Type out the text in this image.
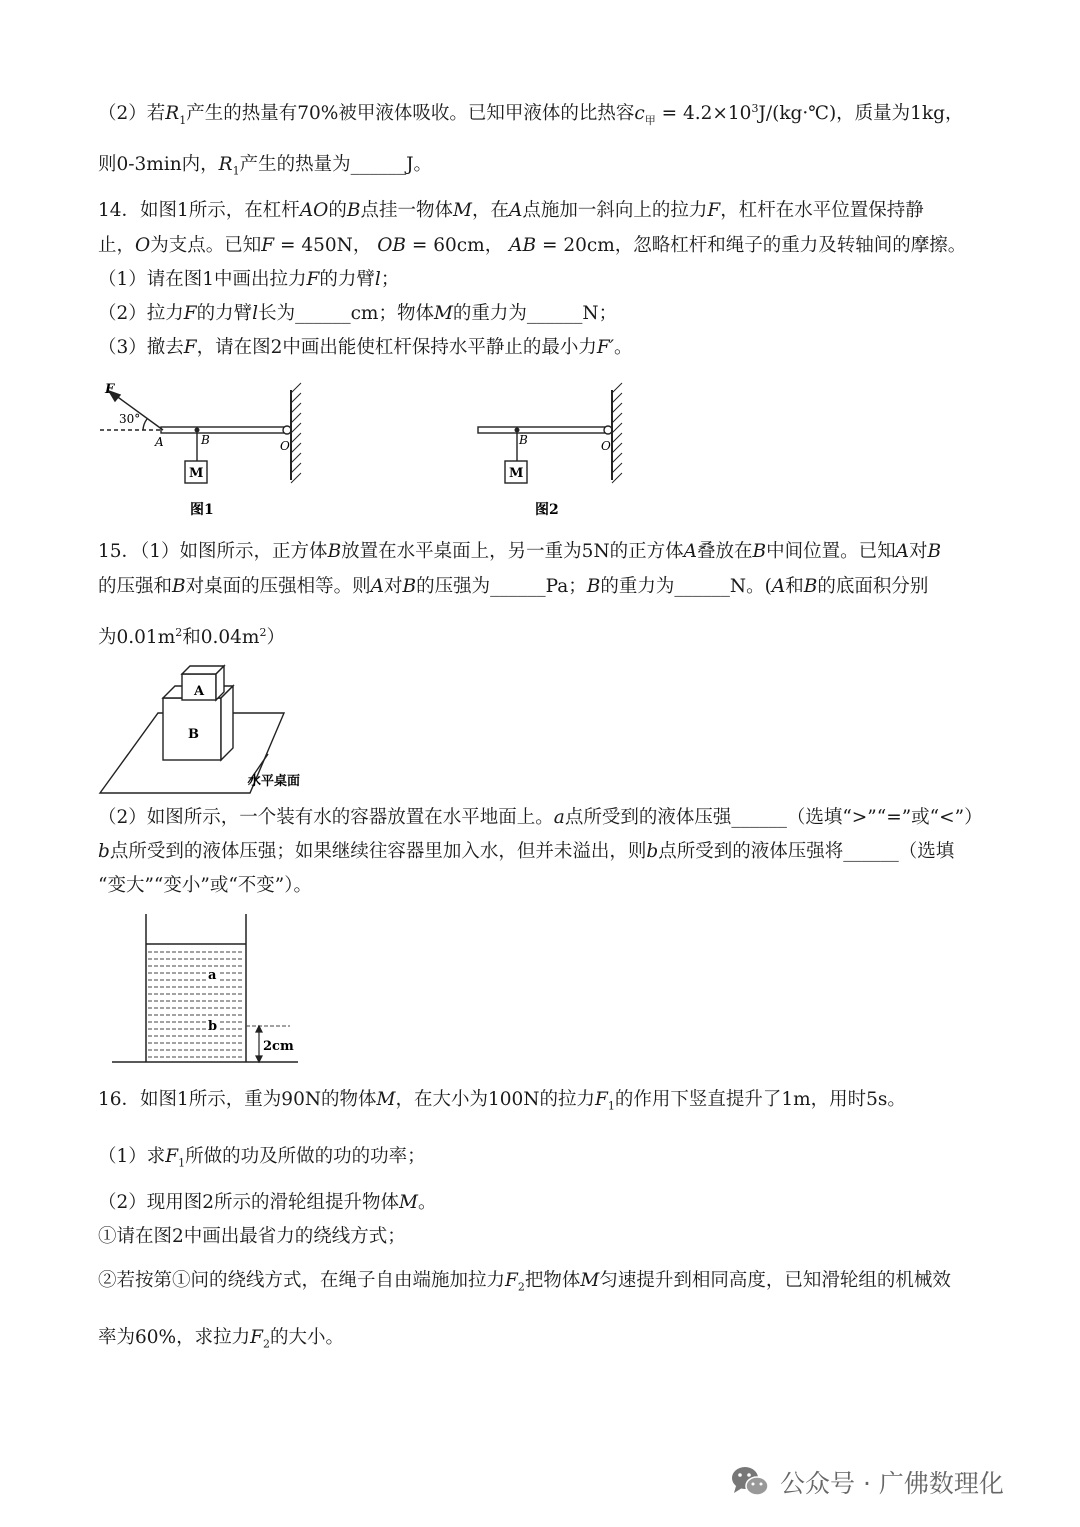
（2）若$R_1$产生的热量有70%被甲液体吸收。已知甲液体的比热容$c_甲$ = $4.2\times 10^3J/(kg\cdot℃)$，质量为1kg，
则0-3min内，$R_1$产生的热量为______J。
14．如图1所示，在杠杆AO的B点挂一物体M，在A点施加一斜向上的拉力F，杠杆在水平位置保持静
止，O为支点。已知F = 450N， OB = 60cm， AB = 20cm，忽略杠杆和绳子的重力及转轴间的摩擦。
（1）请在图1中画出拉力F的力臂l；
（2）拉力F的力臂l长为______cm；物体M的重力为______N；
（3）撤去F，请在图2中画出能使杠杆保持水平静止的最小力F′。
F
30°
A	B	O
M
图1
B	O
M
图2
15．（1）如图所示，正方体B放置在水平桌面上，另一重为5N的正方体A叠放在B中间位置。已知A对B
的压强和B对桌面的压强相等。则A对B的压强为______Pa；B的重力为______N。(A和B的底面积分别
为$0.01m^2$和$0.04m^2$）
A
B
水平桌面
（2）如图所示，一个装有水的容器放置在水平地面上。a点所受到的液体压强______（选填“>”“=”或“<”）
b点所受到的液体压强；如果继续往容器里加入水，但并未溢出，则b点所受到的液体压强将______（选填
“变大”“变小”或“不变”）。
a
b
2cm
16．如图1所示，重为90N的物体M，在大小为100N的拉力$F_1$的作用下竖直提升了1m，用时5s。
（1）求$F_1$所做的功及所做的功的功率；
（2）现用图2所示的滑轮组提升物体M。
①请在图2中画出最省力的绕线方式；
②若按第①问的绕线方式，在绳子自由端施加拉力$F_2$把物体M匀速提升到相同高度，已知滑轮组的机械效
率为60%，求拉力$F_2$的大小。
公众号 · 广佛数理化
